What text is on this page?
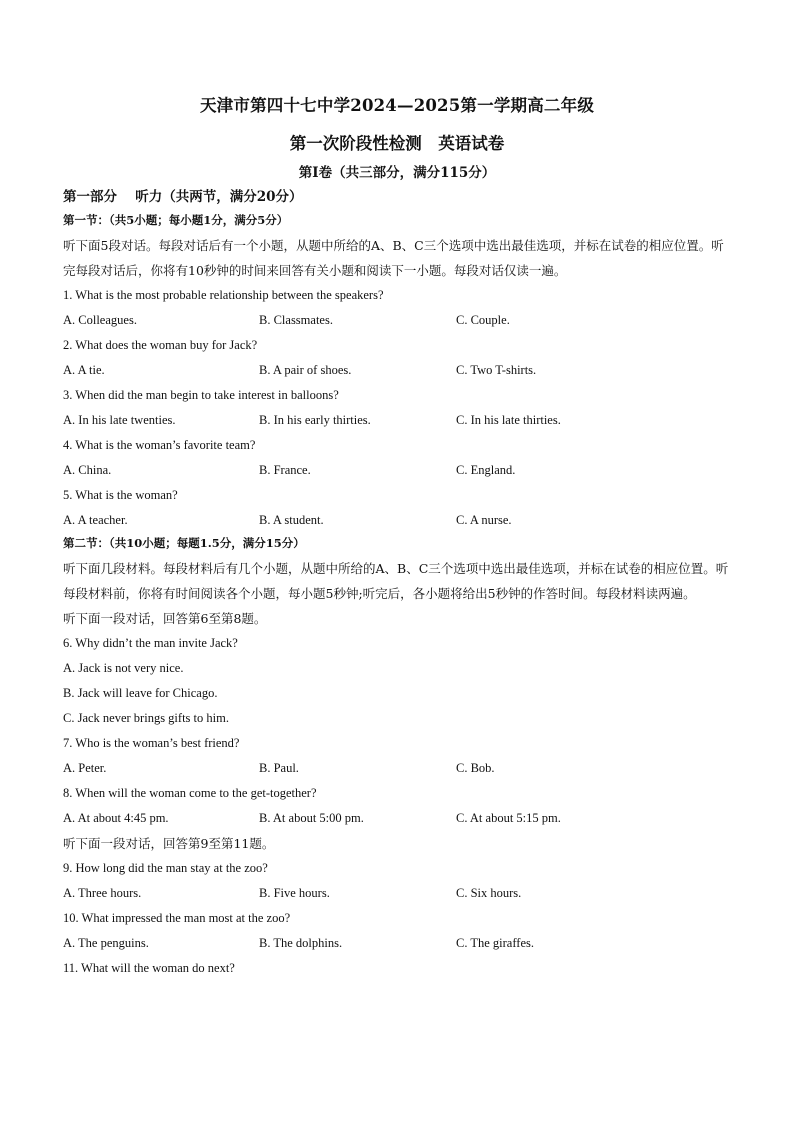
天津市第四十七中学2024—2025第一学期高二年级
第一次阶段性检测　英语试卷
第Ⅰ卷（共三部分，满分115分）
第一部分　 听力（共两节，满分20分）
第一节：（共5小题；每小题1分，满分5分）

听下面5段对话。每段对话后有一个小题，从题中所给的A、B、C三个选项中选出最佳选项，并标在试卷的相应位置。听完每段对话后，你将有10秒钟的时间来回答有关小题和阅读下一小题。每段对话仅读一遍。

1. What is the most probable relationship between the speakers?

A. Colleagues.	B. Classmates.	C. Couple.

2. What does the woman buy for Jack?

A. A tie.	B. A pair of shoes.	C. Two T-shirts.

3. When did the man begin to take interest in balloons?

A. In his late twenties.	B. In his early thirties.	C. In his late thirties.

4. What is the woman’s favorite team?

A. China.	B. France.	C. England.

5. What is the woman?

A. A teacher.	B. A student.	C. A nurse.
第二节：（共10小题；每题1.5分，满分15分）

听下面几段材料。每段材料后有几个小题，从题中所给的A、B、C三个选项中选出最佳选项，并标在试卷的相应位置。听每段材料前，你将有时间阅读各个小题，每小题5秒钟;听完后，各小题将给出5秒钟的作答时间。每段材料读两遍。

听下面一段对话，回答第6至第8题。

6. Why didn’t the man invite Jack?

A. Jack is not very nice.

B. Jack will leave for Chicago.

C. Jack never brings gifts to him.

7. Who is the woman’s best friend?

A. Peter.	B. Paul.	C. Bob.

8. When will the woman come to the get-together?

A. At about 4:45 pm.	B. At about 5:00 pm.	C. At about 5:15 pm.

听下面一段对话，回答第9至第11题。

9. How long did the man stay at the zoo?

A. Three hours.	B. Five hours.	C. Six hours.

10. What impressed the man most at the zoo?

A. The penguins.	B. The dolphins.	C. The giraffes.

11. What will the woman do next?
